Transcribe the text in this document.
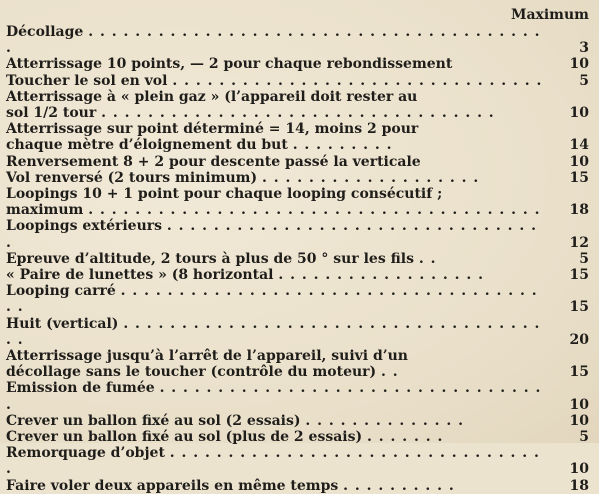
Maximum
Décollage . . . . . . . . . . . . . . . . . . . . . . . . . . . . . . . . . . . . . . . .	3
Atterrissage 10 points, — 2 pour chaque rebondissement	10
Toucher le sol en vol . . . . . . . . . . . . . . . . . . . . . . . . . . . . . . . .	5
Atterrissage à « plein gaz » (l’appareil doit rester au
sol 1/2 tour . . . . . . . . . . . . . . . . . . . . . . . . . . . . . . . . . .	10
Atterrissage sur point déterminé = 14, moins 2 pour
chaque mètre d’éloignement du but . . . . . . . . .	14
Renversement 8 + 2 pour descente passé la verticale	10
Vol renversé (2 tours minimum) . . . . . . . . . . . . . . . . . . .	15
Loopings 10 + 1 point pour chaque looping consécutif ;
maximum . . . . . . . . . . . . . . . . . . . . . . . . . . . . . . . . . . . . . . .	18
Loopings extérieurs . . . . . . . . . . . . . . . . . . . . . . . . . . . . . . . . .	12
Epreuve d’altitude, 2 tours à plus de 50 ° sur les fils . .	5
« Paire de lunettes » (8 horizontal . . . . . . . . . . . . . . . . . .	15
Looping carré . . . . . . . . . . . . . . . . . . . . . . . . . . . . . . . . . . . . . .	15
Huit (vertical) . . . . . . . . . . . . . . . . . . . . . . . . . . . . . . . . . . . . . .	20
Atterrissage jusqu’à l’arrêt de l’appareil, suivi d’un
décollage sans le toucher (contrôle du moteur) . .	15
Emission de fumée . . . . . . . . . . . . . . . . . . . . . . . . . . . . . . . . . .	10
Crever un ballon fixé au sol (2 essais) . . . . . . . . . . . . . .	10
Crever un ballon fixé au sol (plus de 2 essais) . . . . . . .	5
Remorquage d’objet . . . . . . . . . . . . . . . . . . . . . . . . . . . . . . . . .	10
Faire voler deux appareils en même temps . . . . . . . . . .	18
